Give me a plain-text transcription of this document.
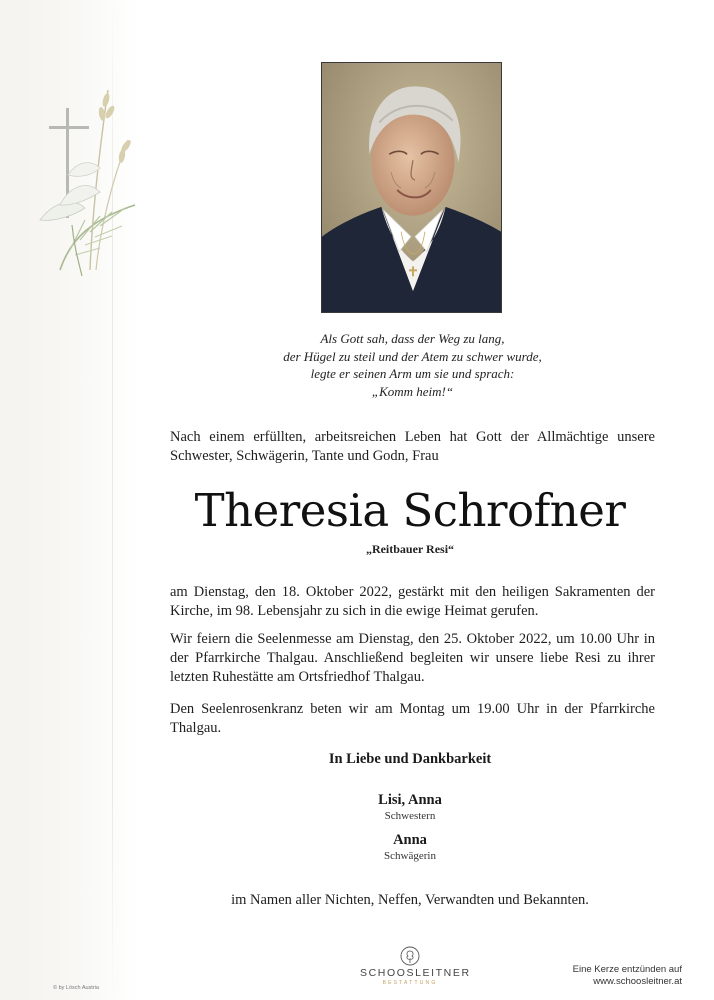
Als Gott sah, dass der Weg zu lang,
der Hügel zu steil und der Atem zu schwer wurde,
legte er seinen Arm um sie und sprach:
„Komm heim!“
Nach einem erfüllten, arbeitsreichen Leben hat Gott der Allmächtige unsere Schwester, Schwägerin, Tante und Godn, Frau
Theresia Schrofner
„Reitbauer Resi“
am Dienstag, den 18. Oktober 2022, gestärkt mit den heiligen Sakramenten der Kirche, im 98. Lebensjahr zu sich in die ewige Heimat gerufen.
Wir feiern die Seelenmesse am Dienstag, den 25. Oktober 2022, um 10.00 Uhr in der Pfarrkirche Thalgau. Anschließend begleiten wir unsere liebe Resi zu ihrer letzten Ruhestätte am Ortsfriedhof Thalgau.
Den Seelenrosenkranz beten wir am Montag um 19.00 Uhr in der Pfarrkirche Thalgau.
In Liebe und Dankbarkeit
Lisi, Anna
Schwestern
Anna
Schwägerin
im Namen aller Nichten, Neffen, Verwandten und Bekannten.
SCHOOSLEITNER
BESTATTUNG
Eine Kerze entzünden auf
www.schoosleitner.at
© by Lösch Austria
